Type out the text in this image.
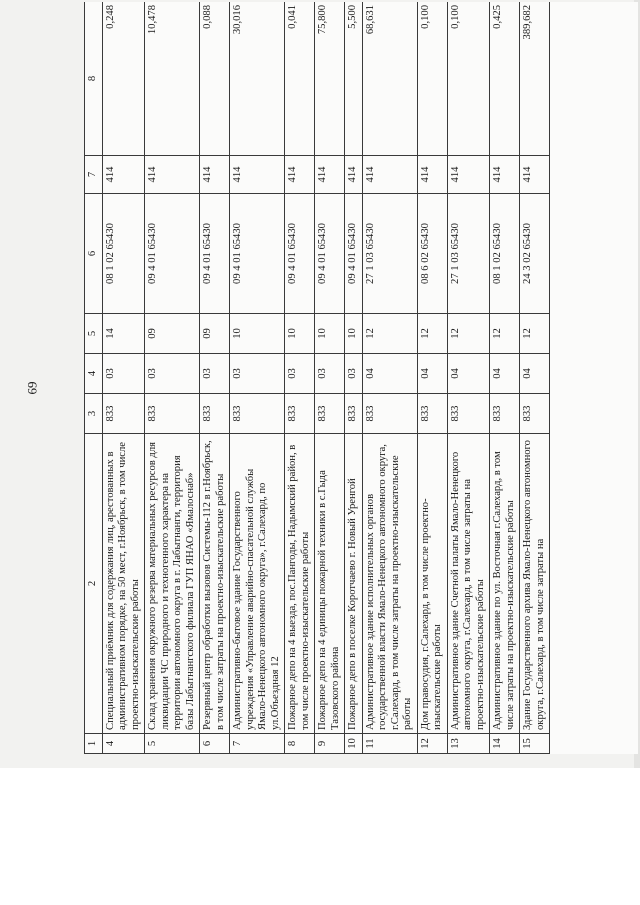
69
1	2	3	4	5	6	7	8
4	Специальный приёмник для содержания лиц, арестованных в административном порядке, на 50 мест, г.Ноябрьск, в том числе проектно-изыскательские работы	833	03	14	08 1 02 65430	414	0,248
5	Склад хранения окружного резерва материальных ресурсов для ликвидации ЧС природного и техногенного характера на территории автономного округа в г. Лабытнанги, территория базы Лабытнангского филиала ГУП ЯНАО «Ямалоснаб»	833	03	09	09 4 01 65430	414	10,478
6	Резервный центр обработки вызовов Системы-112 в г.Ноябрьск, в том числе затраты на проектно-изыскательские работы	833	03	09	09 4 01 65430	414	0,088
7	Административно-бытовое здание Государственного учреждения «Управление аварийно-спасательной службы Ямало-Ненецкого автономного округа», г.Салехард, по ул.Объездная 12	833	03	10	09 4 01 65430	414	30,016
8	Пожарное депо на 4 выезда, пос.Пангоды, Надымский район, в том числе проектно-изыскательские работы	833	03	10	09 4 01 65430	414	0,041
9	Пожарное депо на 4 единицы пожарной техники в с.Гыда Тазовского района	833	03	10	09 4 01 65430	414	75,800
10	Пожарное депо в поселке Коротчаево г. Новый Уренгой	833	03	10	09 4 01 65430	414	5,500
11	Административное здание исполнительных органов государственной власти Ямало-Ненецкого автономного округа, г.Салехард, в том числе затраты на проектно-изыскательские работы	833	04	12	27 1 03 65430	414	68,631
12	Дом правосудия, г.Салехард, в том числе проектно-изыскательские работы	833	04	12	08 6 02 65430	414	0,100
13	Административное здание Счетной палаты Ямало-Ненецкого автономного округа, г.Салехард, в том числе затраты на проектно-изыскательские работы	833	04	12	27 1 03 65430	414	0,100
14	Административное здание по ул. Восточная г.Салехард, в том числе затраты на проектно-изыскательские работы	833	04	12	08 1 02 65430	414	0,425
15	Здание Государственного архива Ямало-Ненецкого автономного округа, г.Салехард, в том числе затраты на	833	04	12	24 3 02 65430	414	389,682
